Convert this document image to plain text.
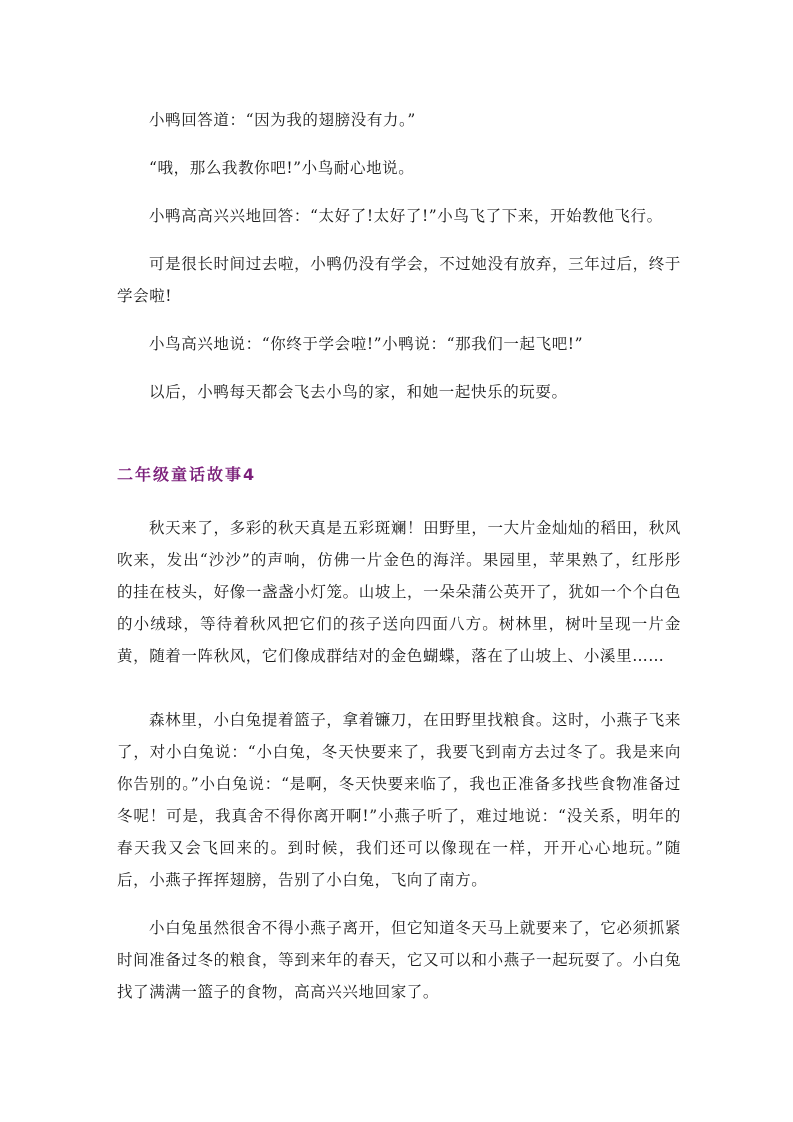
小鸭回答道：“因为我的翅膀没有力。”

“哦，那么我教你吧!”小鸟耐心地说。

小鸭高高兴兴地回答：“太好了!太好了!”小鸟飞了下来，开始教他飞行。

可是很长时间过去啦，小鸭仍没有学会，不过她没有放弃，三年过后，终于学会啦!

小鸟高兴地说：“你终于学会啦!”小鸭说：“那我们一起飞吧!”

以后，小鸭每天都会飞去小鸟的家，和她一起快乐的玩耍。

二年级童话故事4

秋天来了，多彩的秋天真是五彩斑斓！田野里，一大片金灿灿的稻田，秋风吹来，发出“沙沙”的声响，仿佛一片金色的海洋。果园里，苹果熟了，红彤彤的挂在枝头，好像一盏盏小灯笼。山坡上，一朵朵蒲公英开了，犹如一个个白色的小绒球，等待着秋风把它们的孩子送向四面八方。树林里，树叶呈现一片金黄，随着一阵秋风，它们像成群结对的金色蝴蝶，落在了山坡上、小溪里……

森林里，小白兔提着篮子，拿着镰刀，在田野里找粮食。这时，小燕子飞来了，对小白兔说：“小白兔，冬天快要来了，我要飞到南方去过冬了。我是来向你告别的。”小白兔说：“是啊，冬天快要来临了，我也正准备多找些食物准备过冬呢！可是，我真舍不得你离开啊!”小燕子听了，难过地说：“没关系，明年的春天我又会飞回来的。到时候，我们还可以像现在一样，开开心心地玩。”随后，小燕子挥挥翅膀，告别了小白兔，飞向了南方。

小白兔虽然很舍不得小燕子离开，但它知道冬天马上就要来了，它必须抓紧时间准备过冬的粮食，等到来年的春天，它又可以和小燕子一起玩耍了。小白兔找了满满一篮子的食物，高高兴兴地回家了。
